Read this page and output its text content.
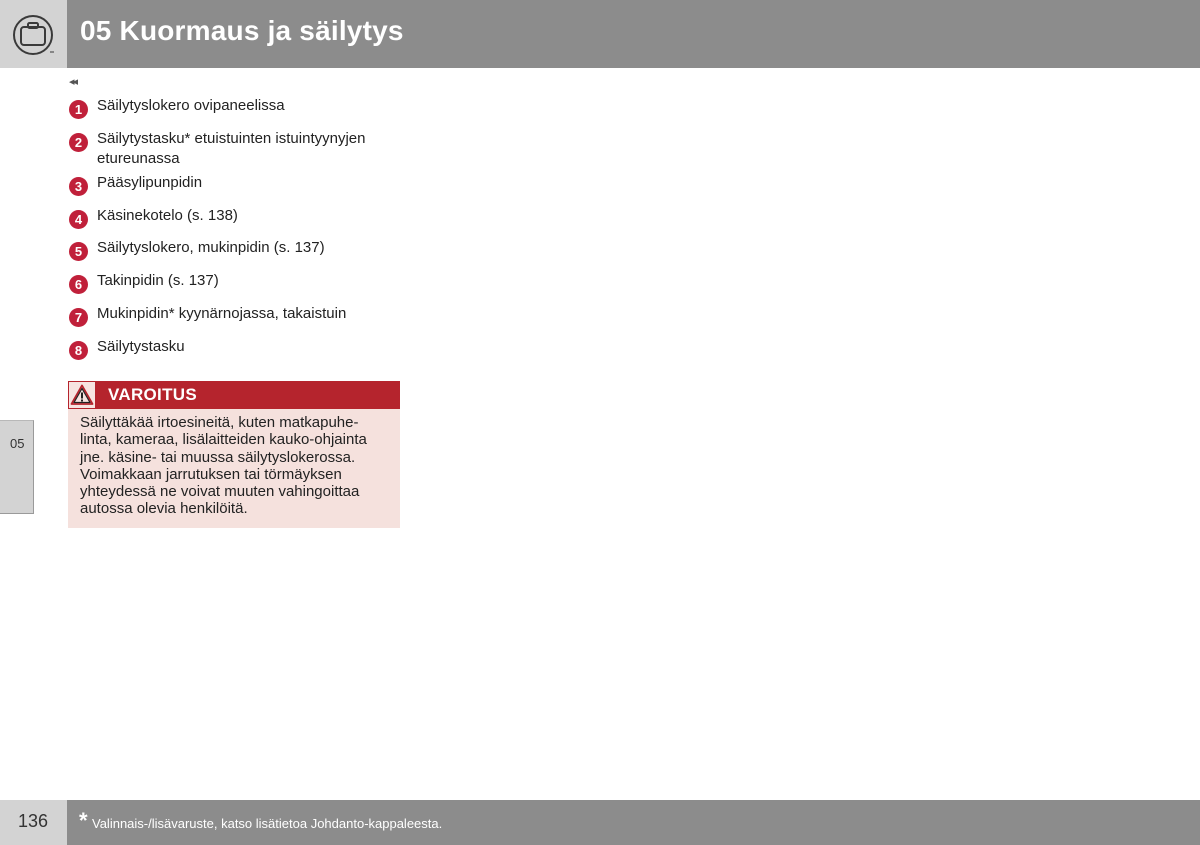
05 Kuormaus ja säilytys
05
◂◂
1 Säilytyslokero ovipaneelissa
2 Säilytystasku* etuistuinten istuintyynyjen etureunassa
3 Pääsylipunpidin
4 Käsinekotelo (s. 138)
5 Säilytyslokero, mukinpidin (s. 137)
6 Takinpidin (s. 137)
7 Mukinpidin* kyynärnojassa, takaistuin
8 Säilytystasku
VAROITUS
Säilyttäkää irtoesineitä, kuten matkapuhe-
linta, kameraa, lisälaitteiden kauko-ohjainta
jne. käsine- tai muussa säilytyslokerossa.
Voimakkaan jarrutuksen tai törmäyksen
yhteydessä ne voivat muuten vahingoittaa
autossa olevia henkilöitä.
136 * Valinnais-/lisävaruste, katso lisätietoa Johdanto-kappaleesta.
